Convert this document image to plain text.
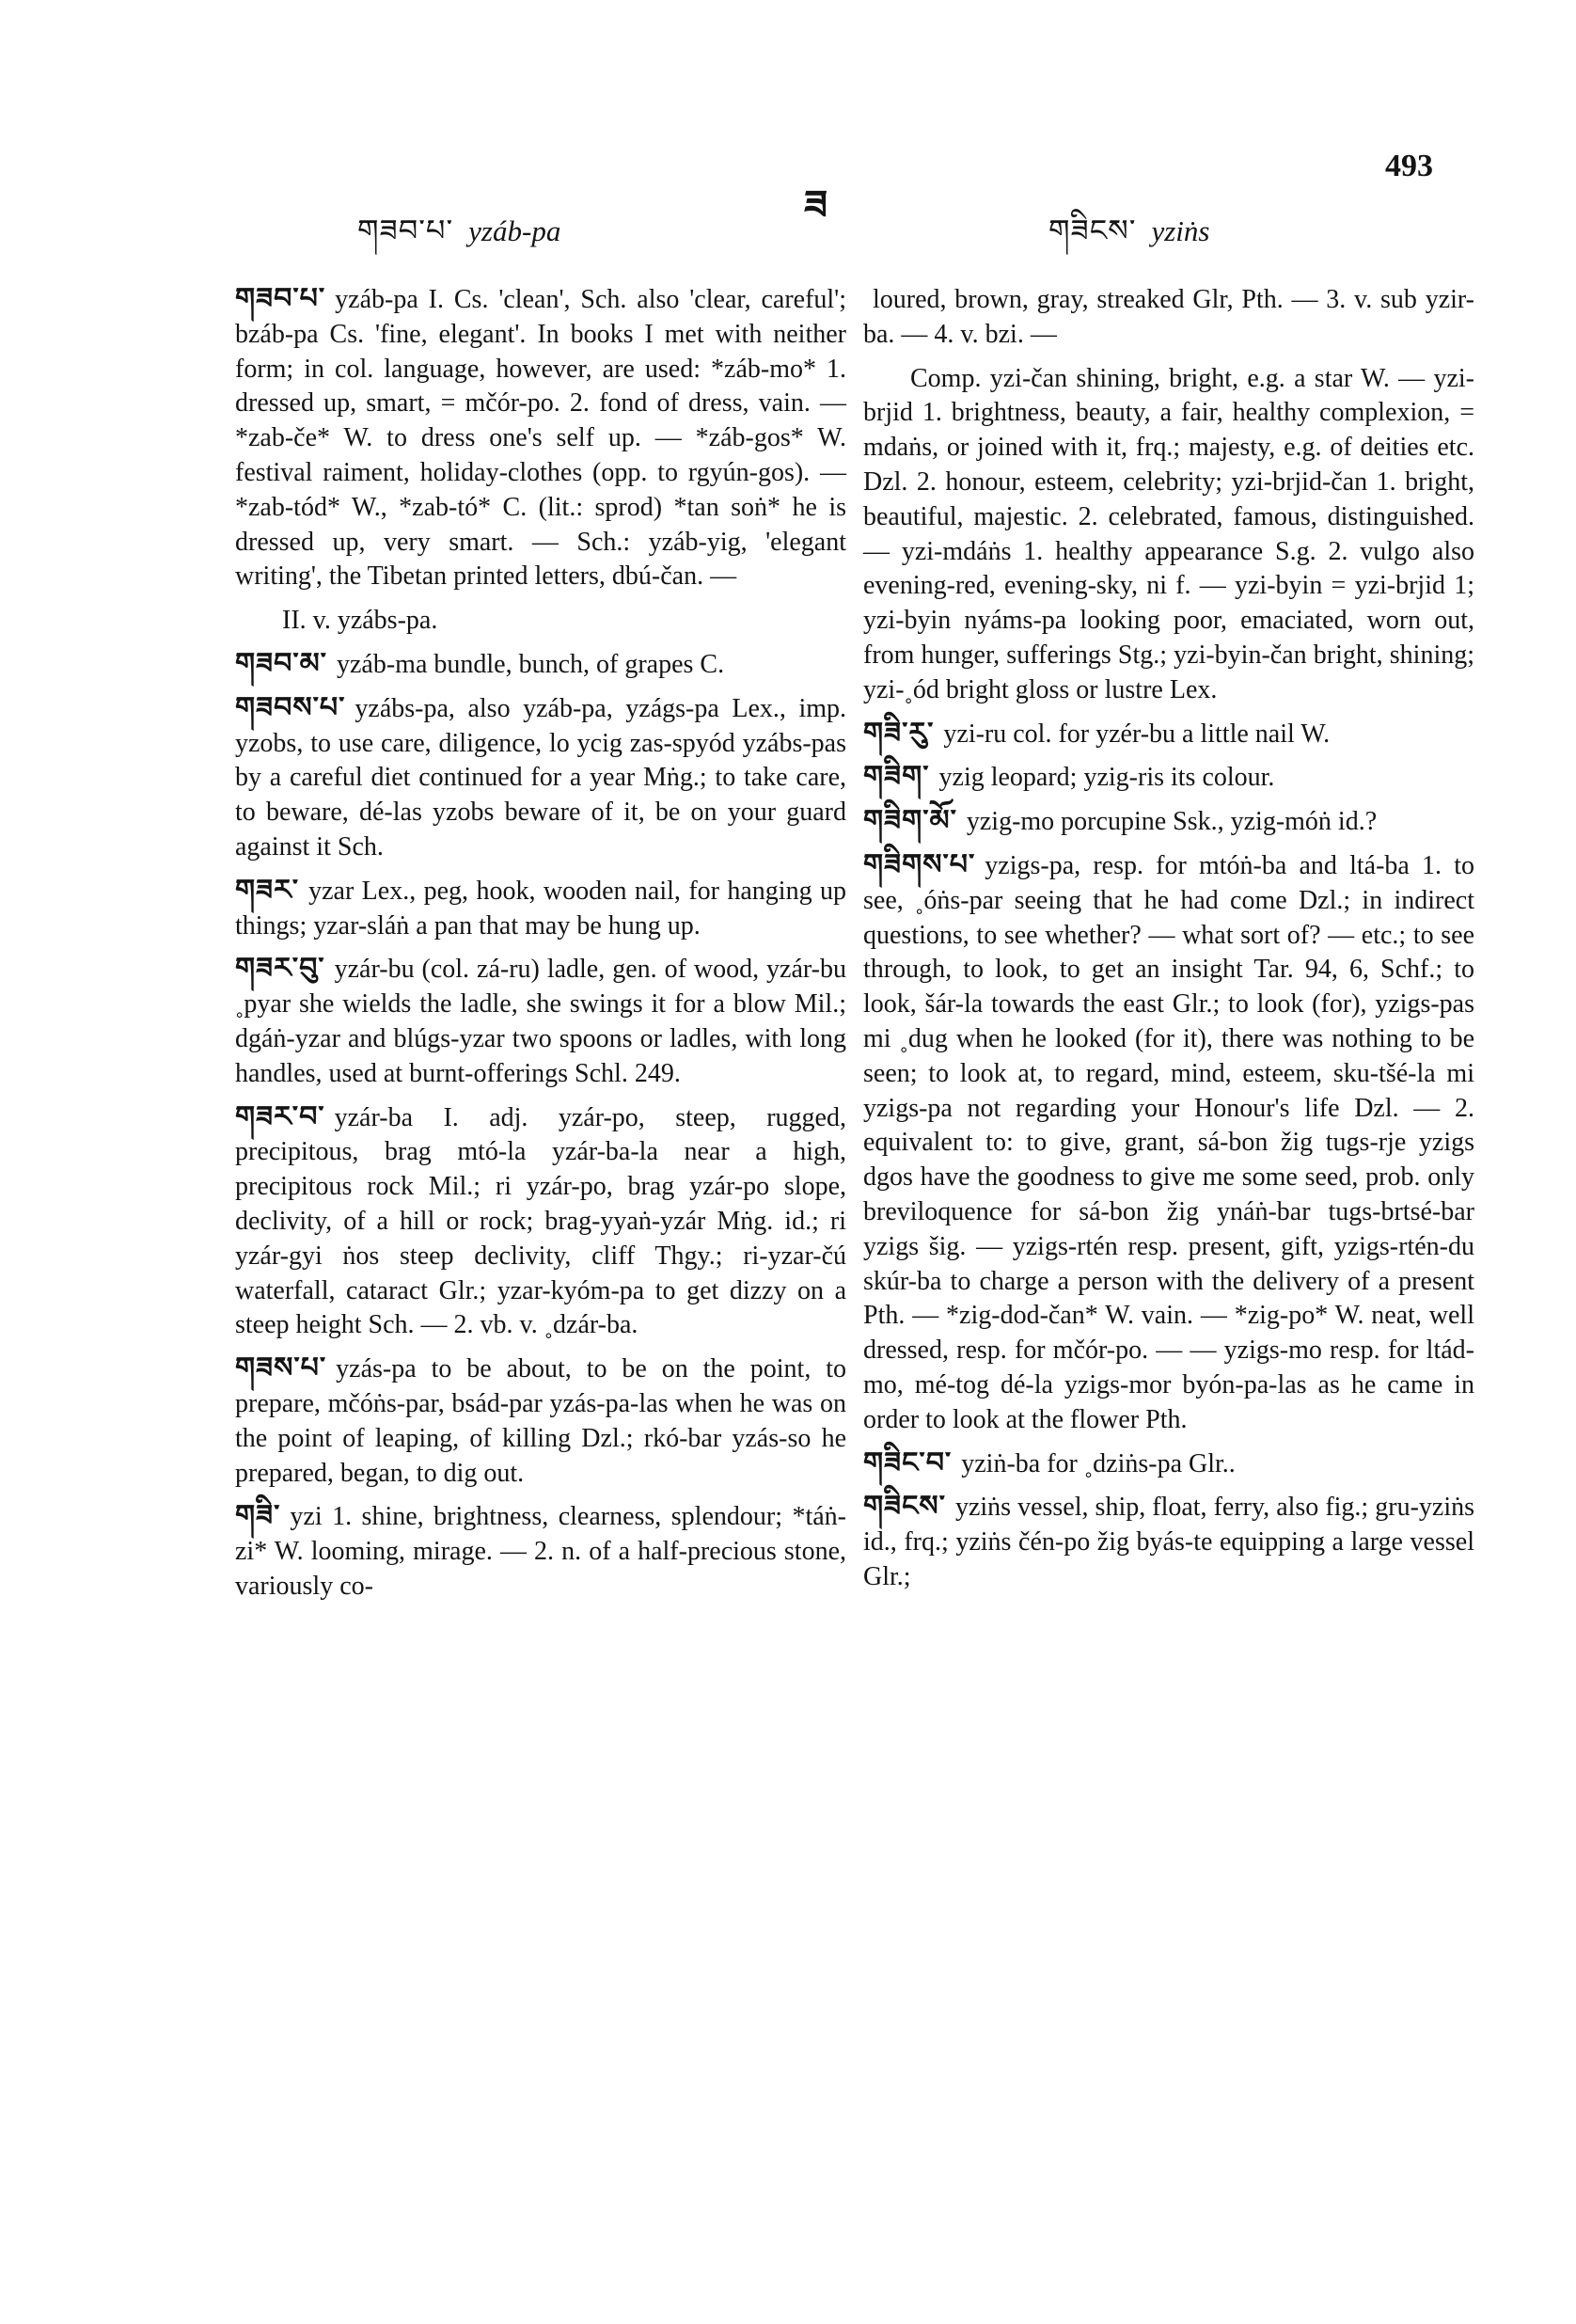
493
ཟ
གཟབ་པ་ yzáb-pa	གཟིངས་ yziṅs

གཟབ་པ་ yzáb-pa I. Cs. 'clean', Sch. also 'clear, careful'; bzáb-pa Cs. 'fine, elegant'. In books I met with neither form; in col. language, however, are used: *záb-mo* 1. dressed up, smart, = mčór-po. 2. fond of dress, vain. — *zab-če* W. to dress one's self up. — *záb-gos* W. festival raiment, holiday-clothes (opp. to rgyún-gos). — *zab-tód* W., *zab-tó* C. (lit.: sprod) *tan soṅ* he is dressed up, very smart. — Sch.: yzáb-yig, 'elegant writing', the Tibetan printed letters, dbú-čan. —

II. v. yzábs-pa.

གཟབ་མ་ yzáb-ma bundle, bunch, of grapes C.

གཟབས་པ་ yzábs-pa, also yzáb-pa, yzágs-pa Lex., imp. yzobs, to use care, diligence, lo ycig zas-spyód yzábs-pas by a careful diet continued for a year Mṅg.; to take care, to beware, dé-las yzobs beware of it, be on your guard against it Sch.

གཟར་ yzar Lex., peg, hook, wooden nail, for hanging up things; yzar-sláṅ a pan that may be hung up.

གཟར་བུ་ yzár-bu (col. zá-ru) ladle, gen. of wood, yzár-bu ˳pyar she wields the ladle, she swings it for a blow Mil.; dgáṅ-yzar and blúgs-yzar two spoons or ladles, with long handles, used at burnt-offerings Schl. 249.

གཟར་བ་ yzár-ba I. adj. yzár-po, steep, rugged, precipitous, brag mtó-la yzár-ba-la near a high, precipitous rock Mil.; ri yzár-po, brag yzár-po slope, declivity, of a hill or rock; brag-yyaṅ-yzár Mṅg. id.; ri yzár-gyi ṅos steep declivity, cliff Thgy.; ri-yzar-čú waterfall, cataract Glr.; yzar-kyóm-pa to get dizzy on a steep height Sch. — 2. vb. v. ˳dzár-ba.

གཟས་པ་ yzás-pa to be about, to be on the point, to prepare, mčóṅs-par, bsád-par yzás-pa-las when he was on the point of leaping, of killing Dzl.; rkó-bar yzás-so he prepared, began, to dig out.

གཟི་ yzi 1. shine, brightness, clearness, splendour; *táṅ-zi* W. looming, mirage. — 2. n. of a half-precious stone, variously co-

loured, brown, gray, streaked Glr, Pth. — 3. v. sub yzir-ba. — 4. v. bzi. —

Comp. yzi-čan shining, bright, e.g. a star W. — yzi-brjid 1. brightness, beauty, a fair, healthy complexion, = mdaṅs, or joined with it, frq.; majesty, e.g. of deities etc. Dzl. 2. honour, esteem, celebrity; yzi-brjid-čan 1. bright, beautiful, majestic. 2. celebrated, famous, distinguished. — yzi-mdáṅs 1. healthy appearance S.g. 2. vulgo also evening-red, evening-sky, ni f. — yzi-byin = yzi-brjid 1; yzi-byin nyáms-pa looking poor, emaciated, worn out, from hunger, sufferings Stg.; yzi-byin-čan bright, shining; yzi-˳ód bright gloss or lustre Lex.

གཟི་རུ་ yzi-ru col. for yzér-bu a little nail W.

གཟིག་ yzig leopard; yzig-ris its colour.

གཟིག་མོ་ yzig-mo porcupine Ssk., yzig-móṅ id.?

གཟིགས་པ་ yzigs-pa, resp. for mtóṅ-ba and ltá-ba 1. to see, ˳óṅs-par seeing that he had come Dzl.; in indirect questions, to see whether? — what sort of? — etc.; to see through, to look, to get an insight Tar. 94, 6, Schf.; to look, šár-la towards the east Glr.; to look (for), yzigs-pas mi ˳dug when he looked (for it), there was nothing to be seen; to look at, to regard, mind, esteem, sku-tšé-la mi yzigs-pa not regarding your Honour's life Dzl. — 2. equivalent to: to give, grant, sá-bon žig tugs-rje yzigs dgos have the goodness to give me some seed, prob. only breviloquence for sá-bon žig ynáṅ-bar tugs-brtsé-bar yzigs šig. — yzigs-rtén resp. present, gift, yzigs-rtén-du skúr-ba to charge a person with the delivery of a present Pth. — *zig-dod-čan* W. vain. — *zig-po* W. neat, well dressed, resp. for mčór-po. — — yzigs-mo resp. for ltád-mo, mé-tog dé-la yzigs-mor byón-pa-las as he came in order to look at the flower Pth.

གཟིང་བ་ yziṅ-ba for ˳dziṅs-pa Glr..

གཟིངས་ yziṅs vessel, ship, float, ferry, also fig.; gru-yziṅs id., frq.; yziṅs čén-po žig byás-te equipping a large vessel Glr.;
